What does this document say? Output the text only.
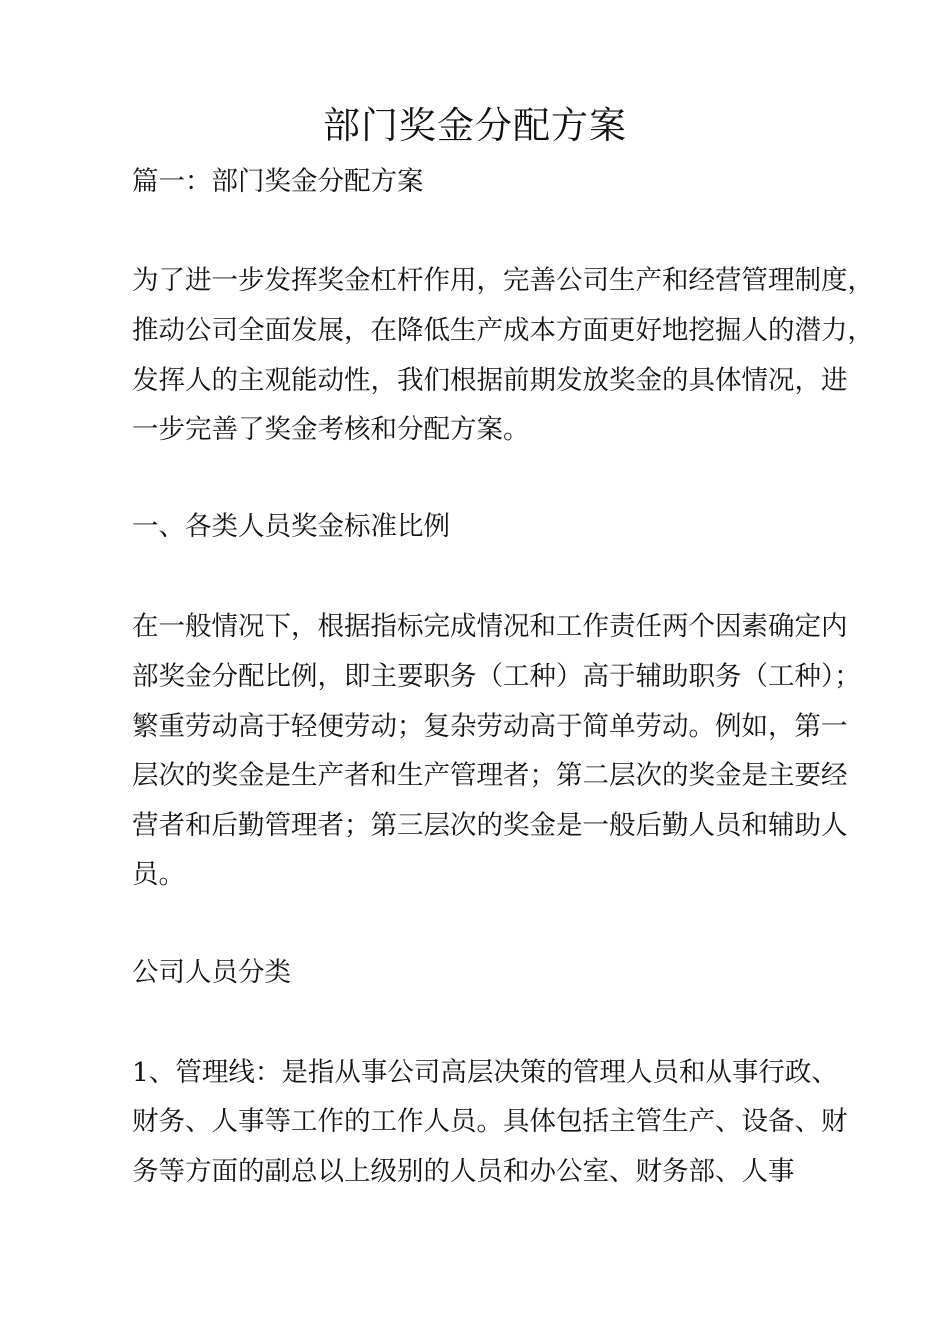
部门奖金分配方案
篇一：部门奖金分配方案
为了进一步发挥奖金杠杆作用，完善公司生产和经营管理制度，
推动公司全面发展，在降低生产成本方面更好地挖掘人的潜力，
发挥人的主观能动性，我们根据前期发放奖金的具体情况，进
一步完善了奖金考核和分配方案。
一、各类人员奖金标准比例
在一般情况下，根据指标完成情况和工作责任两个因素确定内
部奖金分配比例，即主要职务（工种）高于辅助职务（工种）；
繁重劳动高于轻便劳动；复杂劳动高于简单劳动。例如，第一
层次的奖金是生产者和生产管理者；第二层次的奖金是主要经
营者和后勤管理者；第三层次的奖金是一般后勤人员和辅助人
员。
公司人员分类
1、管理线：是指从事公司高层决策的管理人员和从事行政、
财务、人事等工作的工作人员。具体包括主管生产、设备、财
务等方面的副总以上级别的人员和办公室、财务部、人事
